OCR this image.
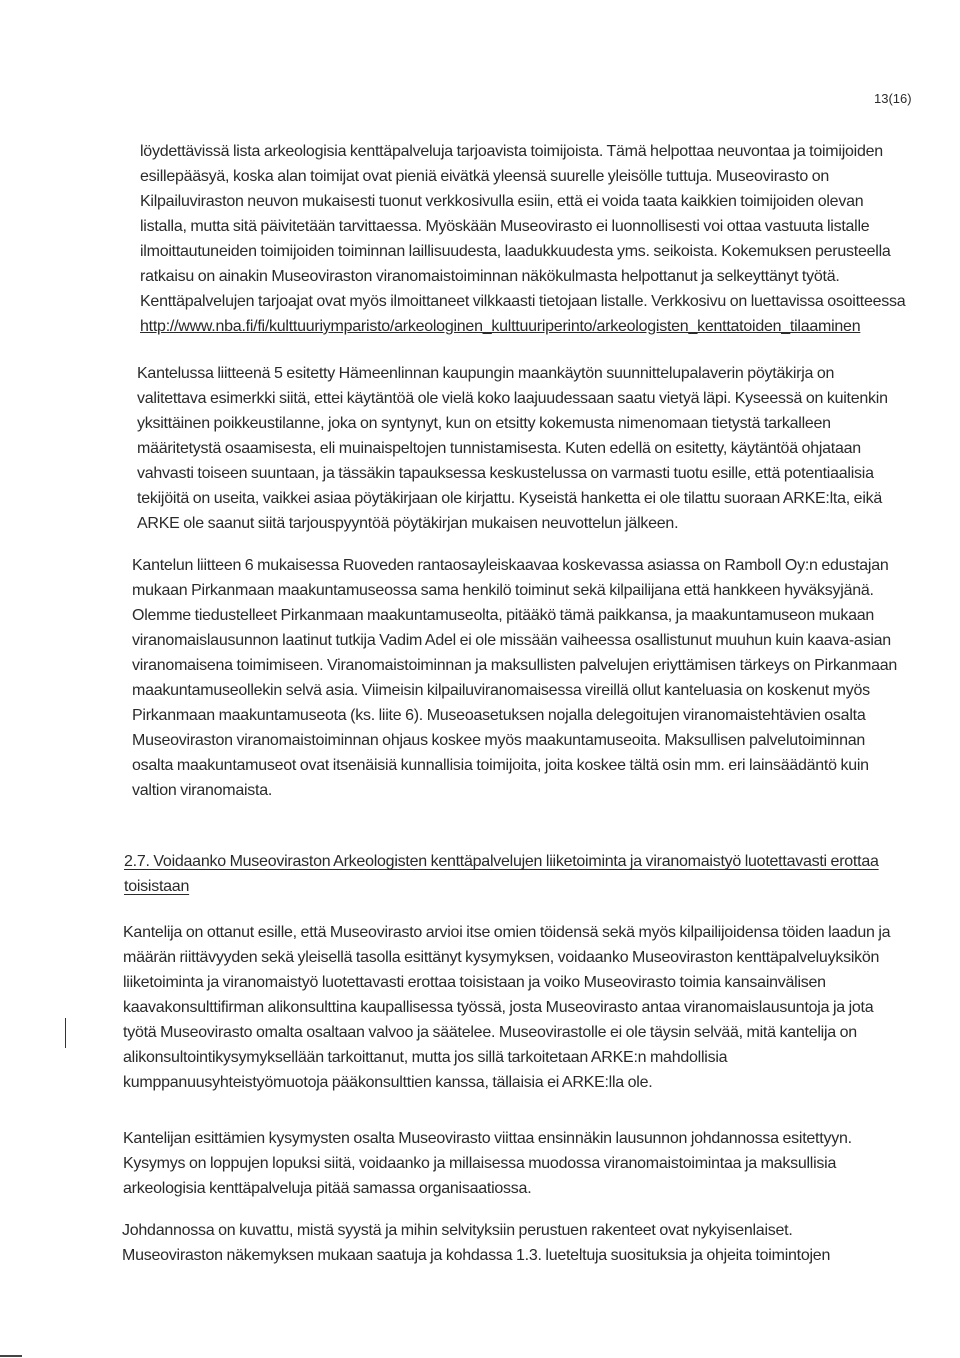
13(16)

löydettävissä lista arkeologisia kenttäpalveluja tarjoavista toimijoista. Tämä helpottaa neuvontaa ja toimijoiden esillepääsyä, koska alan toimijat ovat pieniä eivätkä yleensä suurelle yleisölle tuttuja. Museovirasto on Kilpailuviraston neuvon mukaisesti tuonut verkkosivulla esiin, että ei voida taata kaikkien toimijoiden olevan listalla, mutta sitä päivitetään tarvittaessa. Myöskään Museovirasto ei luonnollisesti voi ottaa vastuuta listalle ilmoittautuneiden toimijoiden toiminnan laillisuudesta, laadukkuudesta yms. seikoista. Kokemuksen perusteella ratkaisu on ainakin Museoviraston viranomaistoiminnan näkökulmasta helpottanut ja selkeyttänyt työtä. Kenttäpalvelujen tarjoajat ovat myös ilmoittaneet vilkkaasti tietojaan listalle. Verkkosivu on luettavissa osoitteessa http://www.nba.fi/fi/kulttuuriymparisto/arkeologinen_kulttuuriperinto/arkeologisten_kenttatoiden_tilaaminen

Kantelussa liitteenä 5 esitetty Hämeenlinnan kaupungin maankäytön suunnittelupalaverin pöytäkirja on valitettava esimerkki siitä, ettei käytäntöä ole vielä koko laajuudessaan saatu vietyä läpi. Kyseessä on kuitenkin yksittäinen poikkeustilanne, joka on syntynyt, kun on etsitty kokemusta nimenomaan tietystä tarkalleen määritetystä osaamisesta, eli muinaispeltojen tunnistamisesta. Kuten edellä on esitetty, käytäntöä ohjataan vahvasti toiseen suuntaan, ja tässäkin tapauksessa keskustelussa on varmasti tuotu esille, että potentiaalisia tekijöitä on useita, vaikkei asiaa pöytäkirjaan ole kirjattu. Kyseistä hanketta ei ole tilattu suoraan ARKE:lta, eikä ARKE ole saanut siitä tarjouspyyntöä pöytäkirjan mukaisen neuvottelun jälkeen.

Kantelun liitteen 6 mukaisessa Ruoveden rantaosayleiskaavaa koskevassa asiassa on Ramboll Oy:n edustajan mukaan Pirkanmaan maakuntamuseossa sama henkilö toiminut sekä kilpailijana että hankkeen hyväksyjänä. Olemme tiedustelleet Pirkanmaan maakuntamuseolta, pitääkö tämä paikkansa, ja maakuntamuseon mukaan viranomaislausunnon laatinut tutkija Vadim Adel ei ole missään vaiheessa osallistunut muuhun kuin kaava-asian viranomaisena toimimiseen. Viranomaistoiminnan ja maksullisten palvelujen eriyttämisen tärkeys on Pirkanmaan maakuntamuseollekin selvä asia. Viimeisin kilpailuviranomaisessa vireillä ollut kanteluasia on koskenut myös Pirkanmaan maakuntamuseota (ks. liite 6). Museoasetuksen nojalla delegoitujen viranomaistehtävien osalta Museoviraston viranomaistoiminnan ohjaus koskee myös maakuntamuseoita. Maksullisen palvelutoiminnan osalta maakuntamuseot ovat itsenäisiä kunnallisia toimijoita, joita koskee tältä osin mm. eri lainsäädäntö kuin valtion viranomaista.

2.7. Voidaanko Museoviraston Arkeologisten kenttäpalvelujen liiketoiminta ja viranomaistyö luotettavasti erottaa toisistaan

Kantelija on ottanut esille, että Museovirasto arvioi itse omien töidensä sekä myös kilpailijoidensa töiden laadun ja määrän riittävyyden sekä yleisellä tasolla esittänyt kysymyksen, voidaanko Museoviraston kenttäpalveluyksikön liiketoiminta ja viranomaistyö luotettavasti erottaa toisistaan ja voiko Museovirasto toimia kansainvälisen kaavakonsulttifirman alikonsulttina kaupallisessa työssä, josta Museovirasto antaa viranomaislausuntoja ja jota työtä Museovirasto omalta osaltaan valvoo ja säätelee. Museovirastolle ei ole täysin selvää, mitä kantelija on alikonsultointikysymyksellään tarkoittanut, mutta jos sillä tarkoitetaan ARKE:n mahdollisia kumppanuusyhteistyömuotoja pääkonsulttien kanssa, tällaisia ei ARKE:lla ole.

Kantelijan esittämien kysymysten osalta Museovirasto viittaa ensinnäkin lausunnon johdannossa esitettyyn. Kysymys on loppujen lopuksi siitä, voidaanko ja millaisessa muodossa viranomaistoimintaa ja maksullisia arkeologisia kenttäpalveluja pitää samassa organisaatiossa.

Johdannossa on kuvattu, mistä syystä ja mihin selvityksiin perustuen rakenteet ovat nykyisenlaiset. Museoviraston näkemyksen mukaan saatuja ja kohdassa 1.3. lueteltuja suosituksia ja ohjeita toimintojen
